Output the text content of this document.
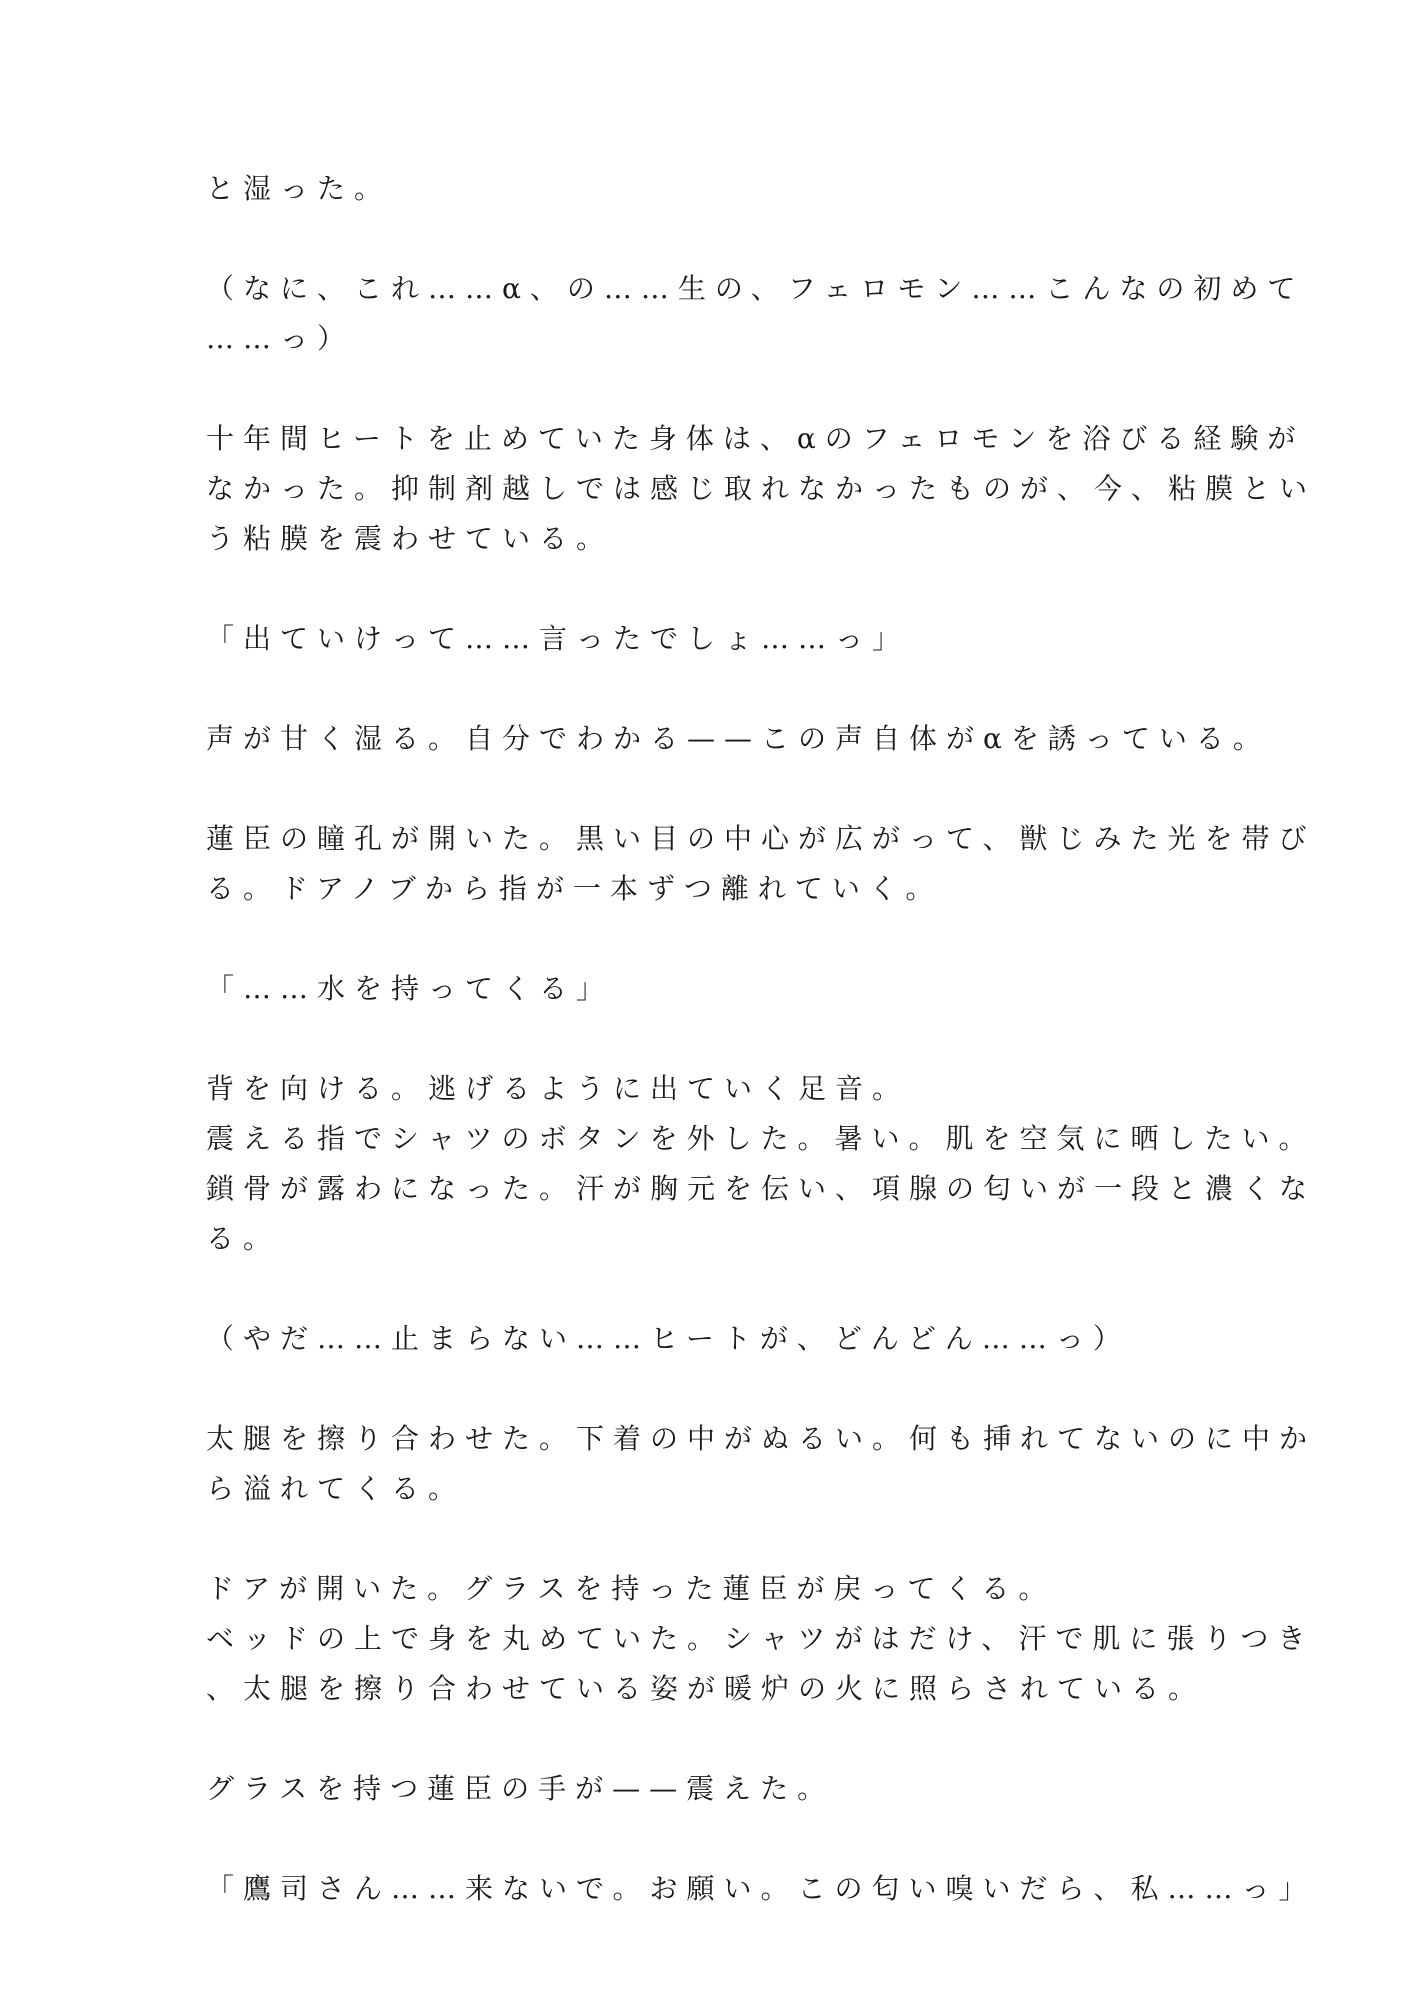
と湿った。
（なに、これ……α、の……生の、フェロモン……こんなの初めて
……っ）
十年間ヒートを止めていた身体は、αのフェロモンを浴びる経験が
なかった。抑制剤越しでは感じ取れなかったものが、今、粘膜とい
う粘膜を震わせている。
「出ていけって……言ったでしょ……っ」
声が甘く湿る。自分でわかる——この声自体がαを誘っている。
蓮臣の瞳孔が開いた。黒い目の中心が広がって、獣じみた光を帯び
る。ドアノブから指が一本ずつ離れていく。
「……水を持ってくる」
背を向ける。逃げるように出ていく足音。
震える指でシャツのボタンを外した。暑い。肌を空気に晒したい。
鎖骨が露わになった。汗が胸元を伝い、項腺の匂いが一段と濃くな
る。
（やだ……止まらない……ヒートが、どんどん……っ）
太腿を擦り合わせた。下着の中がぬるい。何も挿れてないのに中か
ら溢れてくる。
ドアが開いた。グラスを持った蓮臣が戻ってくる。
ベッドの上で身を丸めていた。シャツがはだけ、汗で肌に張りつき
、太腿を擦り合わせている姿が暖炉の火に照らされている。
グラスを持つ蓮臣の手が——震えた。
「鷹司さん……来ないで。お願い。この匂い嗅いだら、私……っ」
